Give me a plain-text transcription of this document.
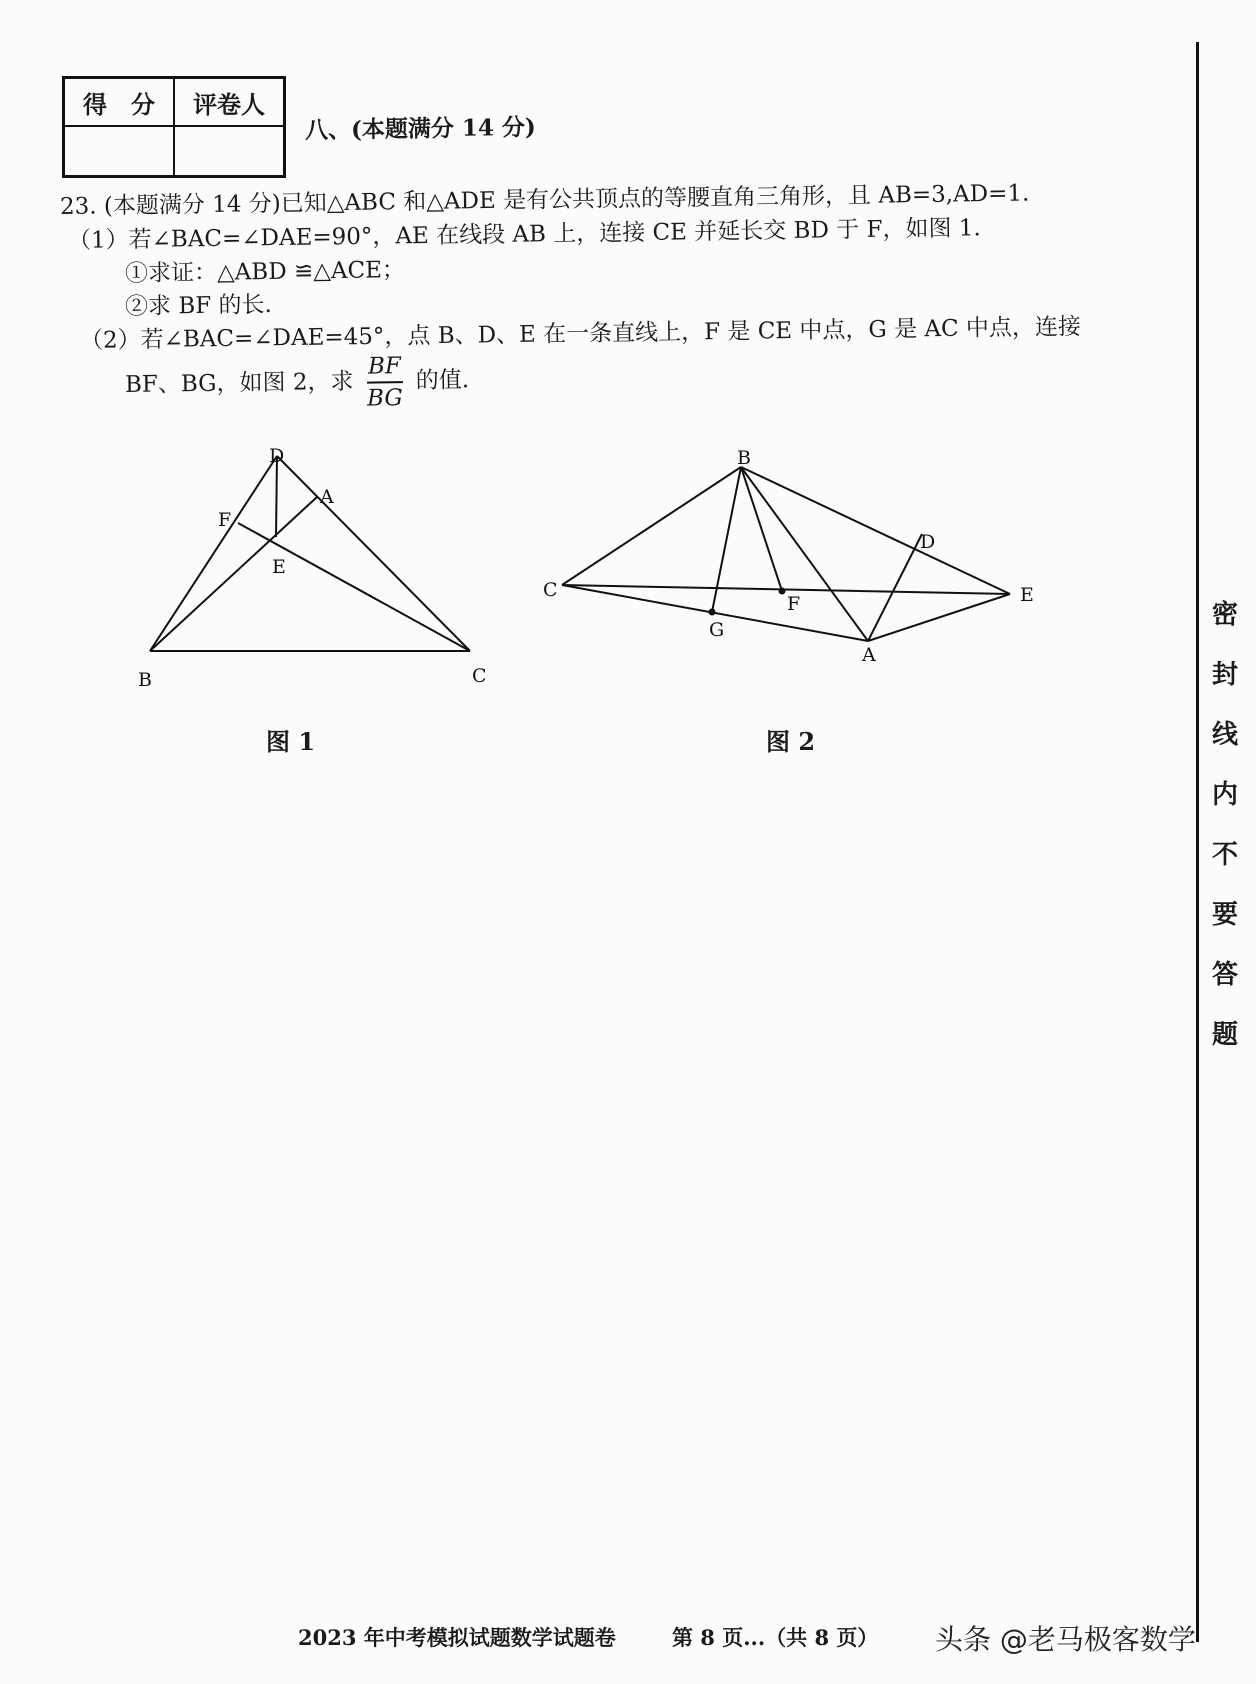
得　分	评卷人

八、(本题满分 14 分)
23. (本题满分 14 分)已知△ABC 和△ADE 是有公共顶点的等腰直角三角形，且 AB=3,AD=1.
（1）若∠BAC=∠DAE=90°，AE 在线段 AB 上，连接 CE 并延长交 BD 于 F，如图 1.
①求证：△ABD ≌△ACE；
②求 BF 的长.
（2）若∠BAC=∠DAE=45°，点 B、D、E 在一条直线上，F 是 CE 中点，G 是 AC 中点，连接
BF、BG，如图 2，求 $\frac{BF}{BG}$ 的值.
D
A
F
E
B	C
B
C
D
E
F
G
A
图 1	图 2
密
封
线
内
不
要
答
题
2023 年中考模拟试题数学试题卷	第 8 页...（共 8 页） 头条 @老马极客数学
